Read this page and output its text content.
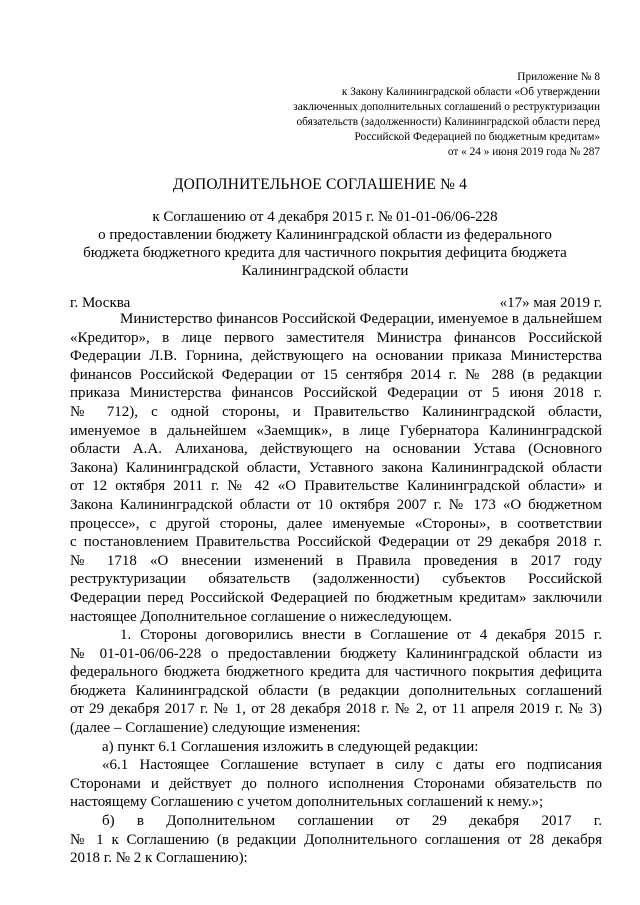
Приложение № 8
к Закону Калининградской области «Об утверждении
заключенных дополнительных соглашений о реструктуризации
обязательств (задолженности) Калининградской области перед
Российской Федерацией по бюджетным кредитам»
от « 24 » июня 2019 года № 287
ДОПОЛНИТЕЛЬНОЕ СОГЛАШЕНИЕ № 4
к Соглашению от 4 декабря 2015 г. № 01-01-06/06-228
о предоставлении бюджету Калининградской области из федерального
бюджета бюджетного кредита для частичного покрытия дефицита бюджета
Калининградской области
г. Москва	«17» мая 2019 г.
Министерство финансов Российской Федерации, именуемое в дальнейшем
«Кредитор», в лице первого заместителя Министра финансов Российской
Федерации Л.В. Горнина, действующего на основании приказа Министерства
финансов Российской Федерации от 15 сентября 2014 г. № 288 (в редакции
приказа Министерства финансов Российской Федерации от 5 июня 2018 г.
№ 712), с одной стороны, и Правительство Калининградской области,
именуемое в дальнейшем «Заемщик», в лице Губернатора Калининградской
области А.А. Алиханова, действующего на основании Устава (Основного
Закона) Калининградской области, Уставного закона Калининградской области
от 12 октября 2011 г. № 42 «О Правительстве Калининградской области» и
Закона Калининградской области от 10 октября 2007 г. № 173 «О бюджетном
процессе», с другой стороны, далее именуемые «Стороны», в соответствии
с постановлением Правительства Российской Федерации от 29 декабря 2018 г.
№ 1718 «О внесении изменений в Правила проведения в 2017 году
реструктуризации обязательств (задолженности) субъектов Российской
Федерации перед Российской Федерацией по бюджетным кредитам» заключили
настоящее Дополнительное соглашение о нижеследующем.
1. Стороны договорились внести в Соглашение от 4 декабря 2015 г.
№ 01-01-06/06-228 о предоставлении бюджету Калининградской области из
федерального бюджета бюджетного кредита для частичного покрытия дефицита
бюджета Калининградской области (в редакции дополнительных соглашений
от 29 декабря 2017 г. № 1, от 28 декабря 2018 г. № 2, от 11 апреля 2019 г. № 3)
(далее – Соглашение) следующие изменения:
а) пункт 6.1 Соглашения изложить в следующей редакции:
«6.1 Настоящее Соглашение вступает в силу с даты его подписания
Сторонами и действует до полного исполнения Сторонами обязательств по
настоящему Соглашению с учетом дополнительных соглашений к нему.»;
б) в Дополнительном соглашении от 29 декабря 2017 г.
№ 1 к Соглашению (в редакции Дополнительного соглашения от 28 декабря
2018 г. № 2 к Соглашению):
